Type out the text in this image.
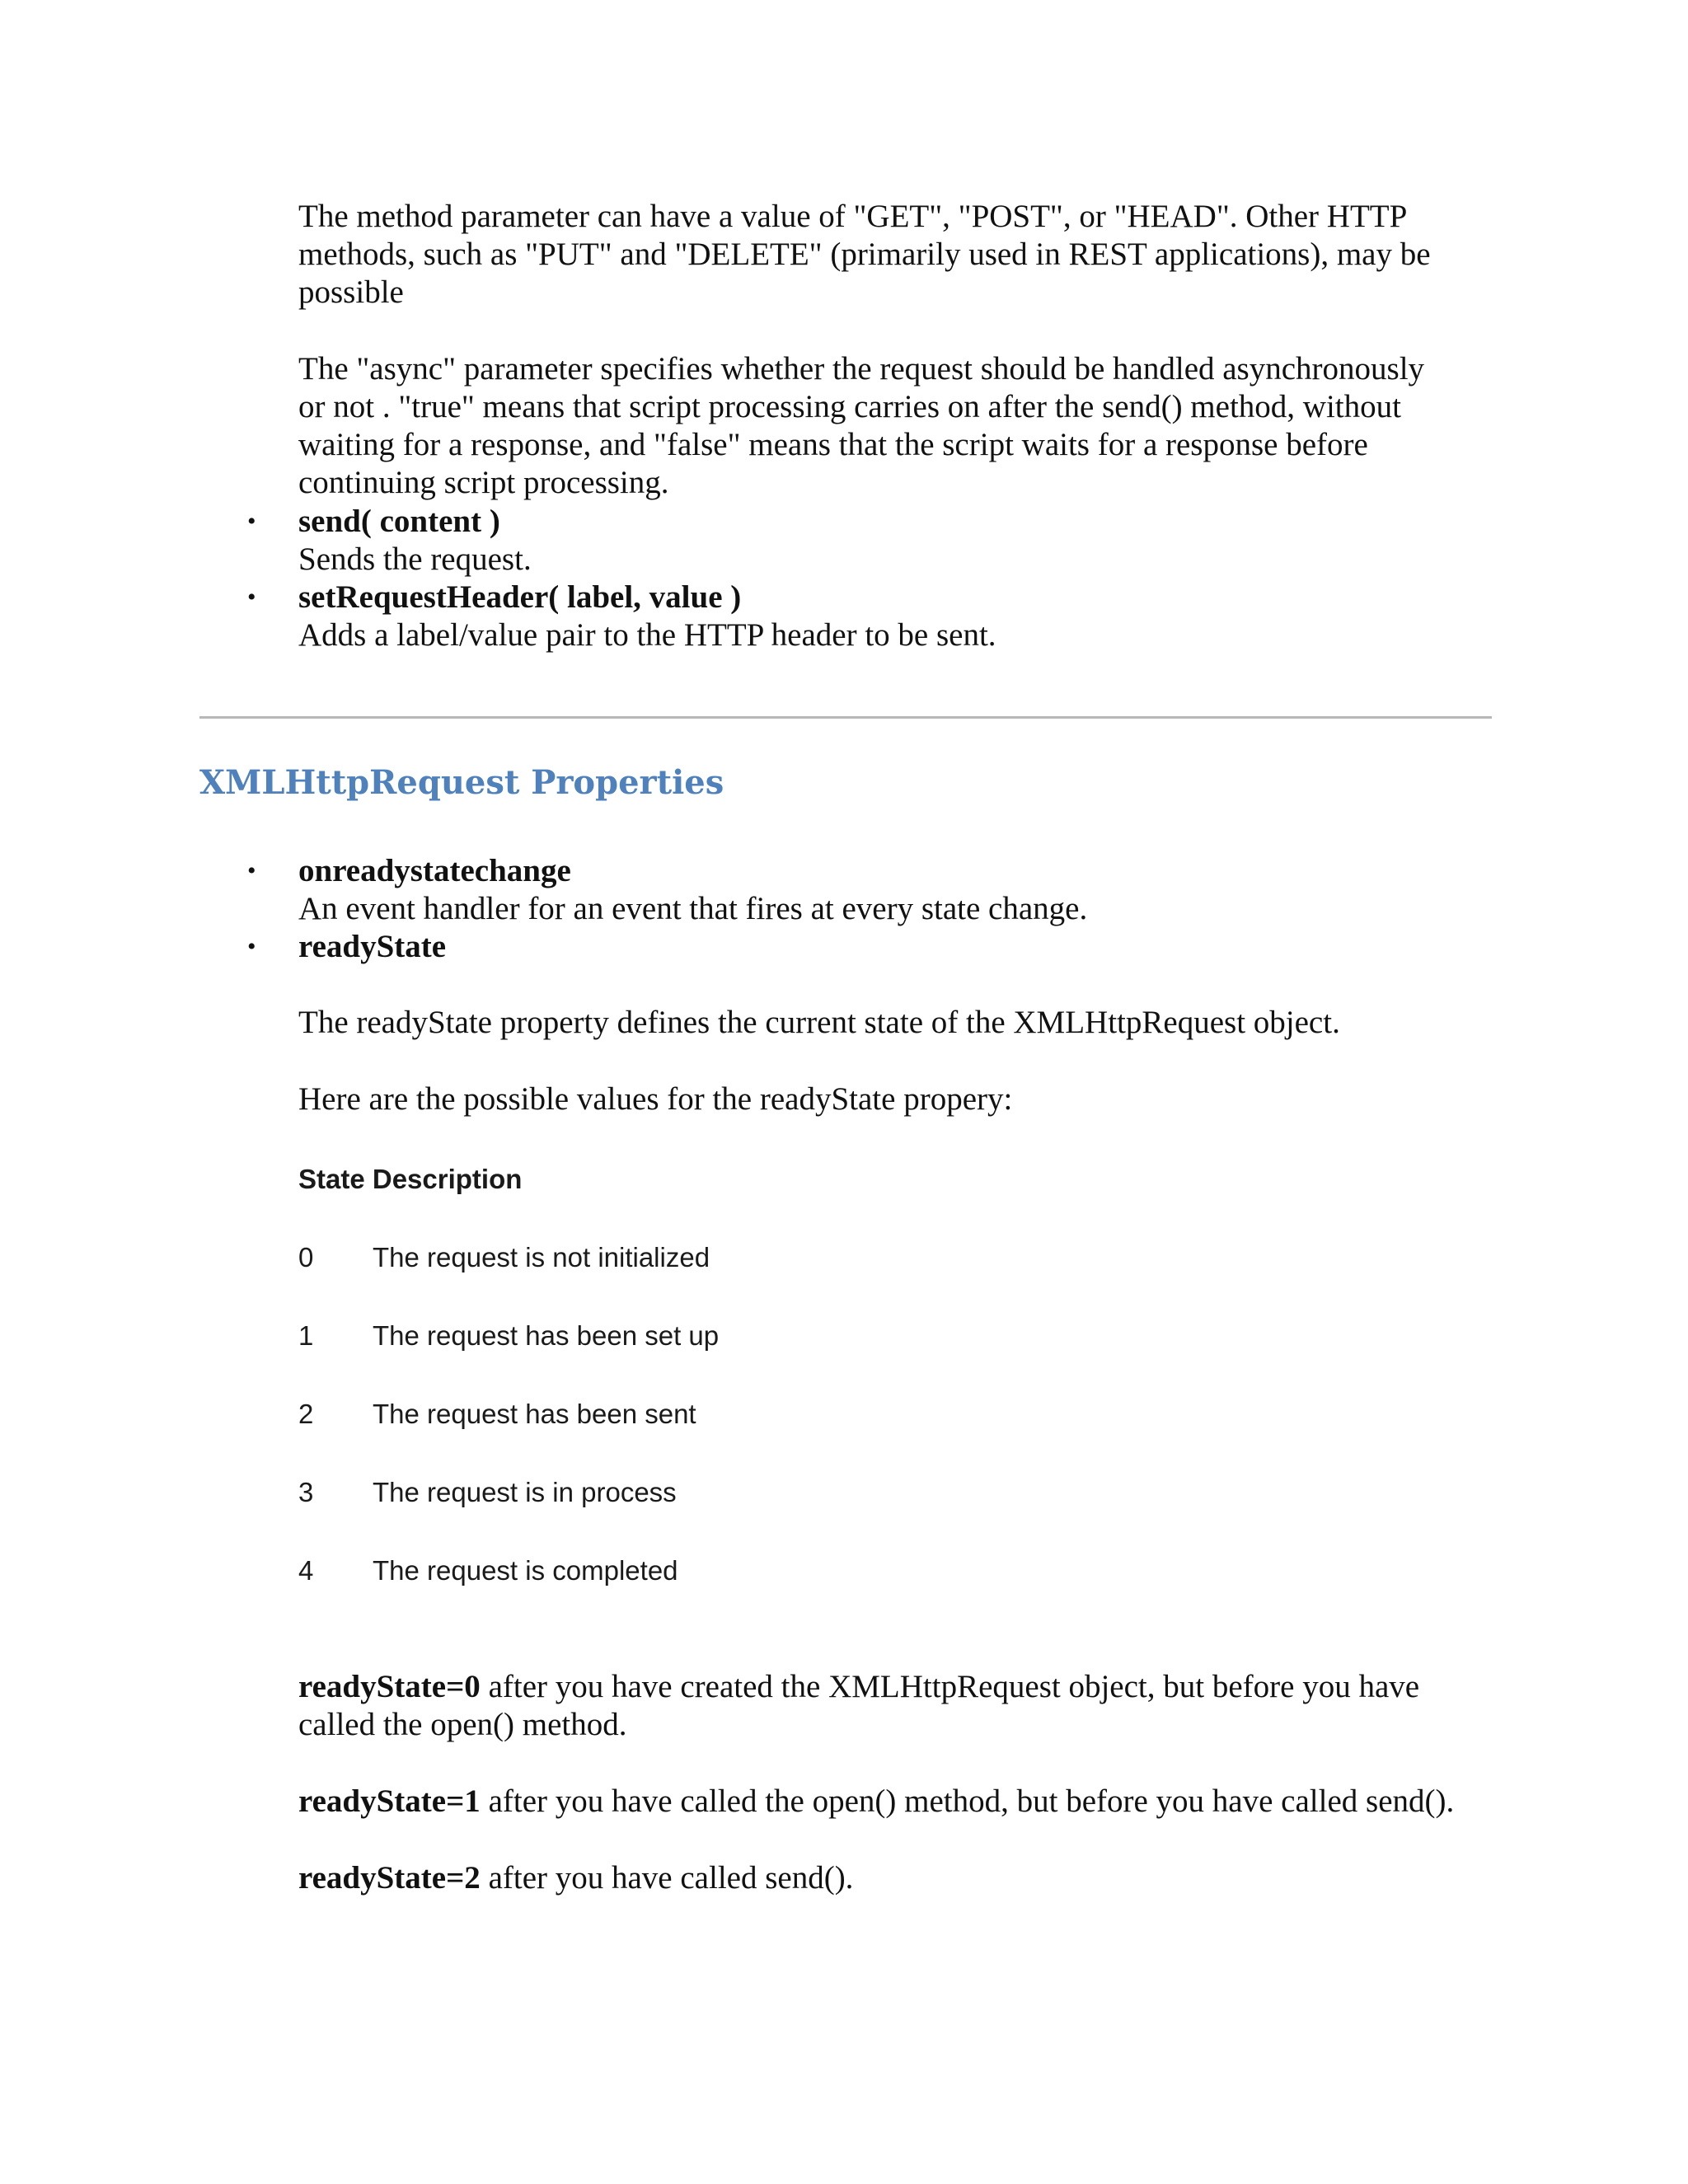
The method parameter can have a value of "GET", "POST", or "HEAD". Other HTTP
methods, such as "PUT" and "DELETE" (primarily used in REST applications), may be
possible
The "async" parameter specifies whether the request should be handled asynchronously
or not . "true" means that script processing carries on after the send() method, without
waiting for a response, and "false" means that the script waits for a response before
continuing script processing.
• send( content )
Sends the request.
• setRequestHeader( label, value )
Adds a label/value pair to the HTTP header to be sent.
XMLHttpRequest Properties
• onreadystatechange
An event handler for an event that fires at every state change.
• readyState
The readyState property defines the current state of the XMLHttpRequest object.
Here are the possible values for the readyState propery:
State Description
0 The request is not initialized
1 The request has been set up
2 The request has been sent
3 The request is in process
4 The request is completed
readyState=0 after you have created the XMLHttpRequest object, but before you have
called the open() method.
readyState=1 after you have called the open() method, but before you have called send().
readyState=2 after you have called send().
